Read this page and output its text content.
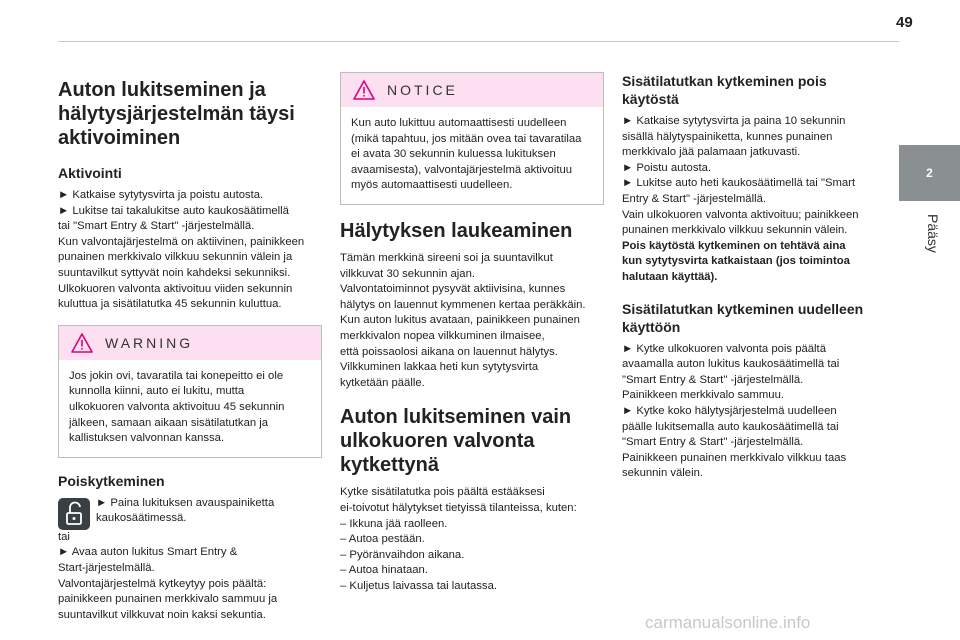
49
2
Pääsy
Auton lukitseminen ja
hälytysjärjestelmän täysi
aktivoiminen
Aktivointi

► Katkaise sytytysvirta ja poistu autosta.
► Lukitse tai takalukitse auto kaukosäätimellä
tai "Smart Entry & Start" -järjestelmällä.
Kun valvontajärjestelmä on aktiivinen, painikkeen
punainen merkkivalo vilkkuu sekunnin välein ja
suuntavilkut syttyvät noin kahdeksi sekunniksi.
Ulkokuoren valvonta aktivoituu viiden sekunnin
kuluttua ja sisätilatutka 45 sekunnin kuluttua.

WARNING

Jos jokin ovi, tavaratila tai konepeitto ei ole
kunnolla kiinni, auto ei lukitu, mutta
ulkokuoren valvonta aktivoituu 45 sekunnin
jälkeen, samaan aikaan sisätilatutkan ja
kallistuksen valvonnan kanssa.

Poiskytkeminen

► Paina lukituksen avauspainiketta
kaukosäätimessä.

tai
► Avaa auton lukitus Smart Entry &
Start-järjestelmällä.
Valvontajärjestelmä kytkeytyy pois päältä:
painikkeen punainen merkkivalo sammuu ja
suuntavilkut vilkkuvat noin kaksi sekuntia.

NOTICE

Kun auto lukittuu automaattisesti uudelleen
(mikä tapahtuu, jos mitään ovea tai tavaratilaa
ei avata 30 sekunnin kuluessa lukituksen
avaamisesta), valvontajärjestelmä aktivoituu
myös automaattisesti uudelleen.

Hälytyksen laukeaminen

Tämän merkkinä sireeni soi ja suuntavilkut
vilkkuvat 30 sekunnin ajan.
Valvontatoiminnot pysyvät aktiivisina, kunnes
hälytys on lauennut kymmenen kertaa peräkkäin.
Kun auton lukitus avataan, painikkeen punainen
merkkivalon nopea vilkkuminen ilmaisee,
että poissaolosi aikana on lauennut hälytys.
Vilkkuminen lakkaa heti kun sytytysvirta
kytketään päälle.

Auton lukitseminen vain
ulkokuoren valvonta
kytkettynä

Kytke sisätilatutka pois päältä estääksesi
ei-toivotut hälytykset tietyissä tilanteissa, kuten:
– Ikkuna jää raolleen.
– Autoa pestään.
– Pyöränvaihdon aikana.
– Autoa hinataan.
– Kuljetus laivassa tai lautassa.

Sisätilatutkan kytkeminen pois
käytöstä

► Katkaise sytytysvirta ja paina 10 sekunnin
sisällä hälytyspainiketta, kunnes punainen
merkkivalo jää palamaan jatkuvasti.
► Poistu autosta.
► Lukitse auto heti kaukosäätimellä tai "Smart
Entry & Start" -järjestelmällä.
Vain ulkokuoren valvonta aktivoituu; painikkeen
punainen merkkivalo vilkkuu sekunnin välein.
Pois käytöstä kytkeminen on tehtävä aina
kun sytytysvirta katkaistaan (jos toimintoa
halutaan käyttää).

Sisätilatutkan kytkeminen uudelleen
käyttöön

► Kytke ulkokuoren valvonta pois päältä
avaamalla auton lukitus kaukosäätimellä tai
"Smart Entry & Start" -järjestelmällä.
Painikkeen merkkivalo sammuu.
► Kytke koko hälytysjärjestelmä uudelleen
päälle lukitsemalla auto kaukosäätimellä tai
"Smart Entry & Start" -järjestelmällä.
Painikkeen punainen merkkivalo vilkkuu taas
sekunnin välein.

carmanualsonline.info
